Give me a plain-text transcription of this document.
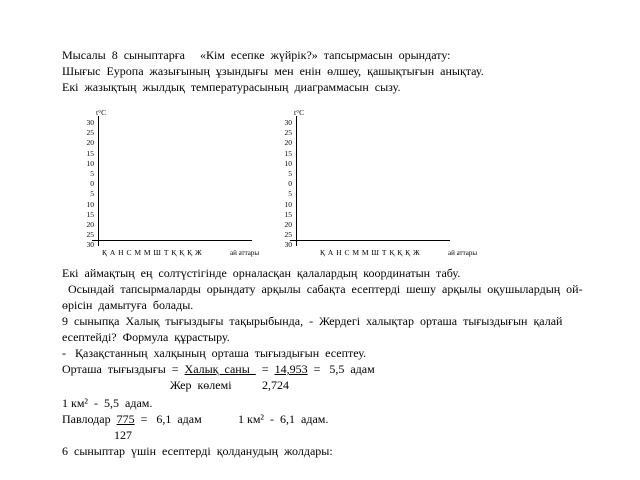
Мысалы  8  сыныптарға     «Кім  есепке  жүйрік?»  тапсырмасын  орындату:
Шығыс  Еуропа  жазығының  ұзындығы  мен  енін  өлшеу,  қашықтығын  анықтау.
Екі  жазықтың  жылдық  температурасының  диаграммасын  сызу.
t°C
30
25
20
15
10
5
0
5
10
15
20
25
30
Қ А Н С М М Ш Т Қ Қ Қ Ж	ай аттары
t°C
30
25
20
15
10
5
0
5
10
15
20
25
30
Қ А Н С М М Ш Т Қ Қ Қ Ж	ай аттары
Екі  аймақтың  ең  солтүстігінде  орналасқан  қалалардың  координатын  табу.
Осындай  тапсырмаларды  орындату  арқылы  сабақта  есептерді  шешу  арқылы  оқушылардың  ой-
өрісін  дамытуға  болады.
9  сыныпқа  Халық  тығыздығы  тақырыбында,  -  Жердегі  халықтар  орташа  тығыздығын  қалай
есептейді?  Формула  құрастыру.
-   Қазақстанның  халқының  орташа  тығыздығын  есептеу.
Орташа  тығыздығы  =  Халық  саны    =  14,953  =   5,5  адам
Жер  көлемі	2,724
1 км²  -  5,5  адам.
Павлодар  775  =   6,1  адам	1 км²  -  6,1  адам.
127
6  сыныптар  үшін  есептерді  қолданудың  жолдары:
